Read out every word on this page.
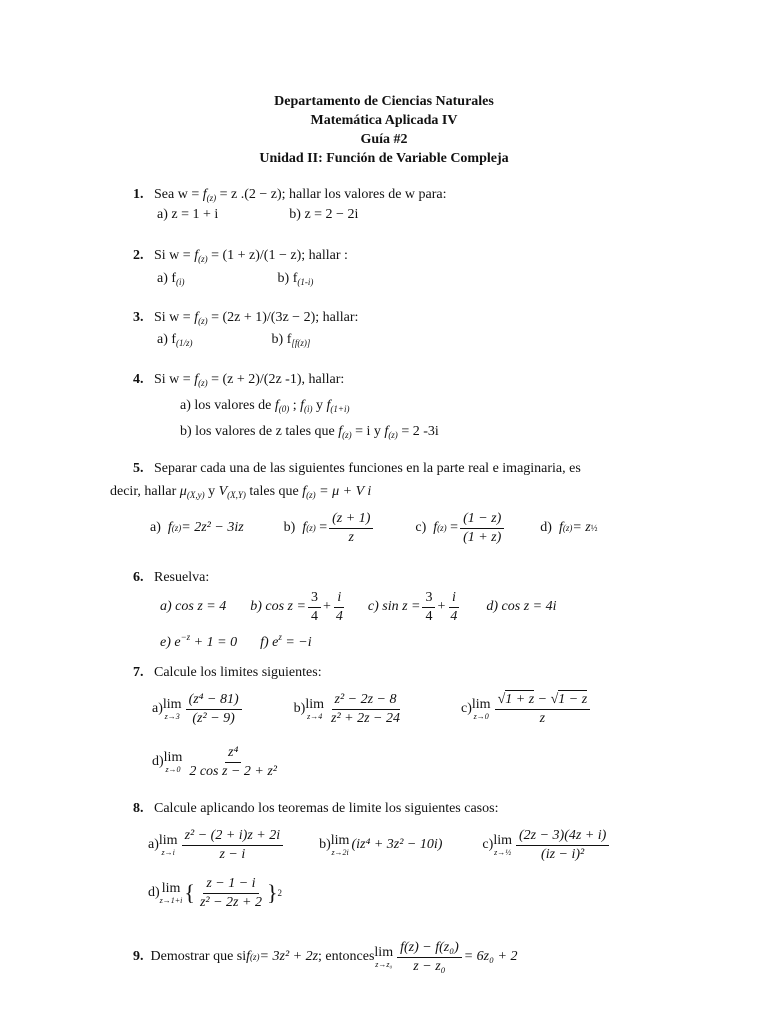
Departamento de Ciencias Naturales
Matemática Aplicada IV
Guía #2
Unidad II: Función de Variable Compleja
1. Sea $w = f_{(z)} = z$ .(2 − z); hallar los valores de w para:
a) z = 1 + i	b) z = 2 − 2i
2. Si $w = f_{(z)} = (1 + z)/(1 - z)$; hallar :
a) $f_{(i)}$	b) $f_{(1-i)}$
3. Si $w = f_{(z)} = (2z + 1)/(3z - 2)$; hallar:
a) $f_{(1/z)}$	b) $f_{[f(z)]}$
4. Si $w = f_{(z)} = (z + 2)/(2z$ -1), hallar:
a) los valores de $f_{(0)}$ ; $f_{(i)}$ y $f_{(1+i)}$
b) los valores de z tales que $f_{(z)} = i$ y $f_{(z)} = 2$ -3i
5. Separar cada una de las siguientes funciones en la parte real e imaginaria, es
decir, hallar $\mu_{(X,y)}$ y $V_{(X,Y)}$ tales que $f_{(z)} = \mu + V$ i
a)
f (z) = 2z² − 3iz	b)
f $(z) = \frac{(z + 1)}{z}$	c)
f $(z) = \frac{(1 - z)}{(1 + z)}$	d)
f (z) = z ½
6. Resuelva:
a) cos z = 4 b) $\cos z = \frac{3}{4} + \frac{i}{4} c$) $\sin z = \frac{3}{4} + \frac{i}{4} d$) cos z = 4i
e) $e^{-z} + 1 = 0$ f) $e^z = -i$
7. Calcule los limites siguientes:
a) lim
$z\to 3 \frac{\text{(z⁴ − 81)}}{\text{(z² − 9)}}$	b) lim
$z\to 4 \frac{\text{z² − 2z − 8}}{\text{z² + 2z − 24}}$	c) lim
$z\to 0 \frac{√1 + z - √1 - z}{z}$
d) lim
$z\to 0 \frac{\text{z⁴}}{\text{2 cos z − 2 + z²}}$
8. Calcule aplicando los teoremas de limite los siguientes casos:
a) lim
$z\to i \frac{\text{z² − (2 + i)z + 2i}}{z - i}$	b) lim
z→2i (iz⁴ + 3z² − 10i)	c) lim
z→½ $\frac{(2z - 3)(4z + i)}{\text{(iz − i)²}}$
d) lim
z→1+i { $\frac{z - 1 - i}{\text{z² − 2z + 2}}$ } 2
9.
Demostrar que si f (z) = 3z² + 2z ; entonces lim
$z\to z_0 \frac{\text{f(z) − f(z₀)}}{\text{z − z₀}} = 6z_0 + 2$
